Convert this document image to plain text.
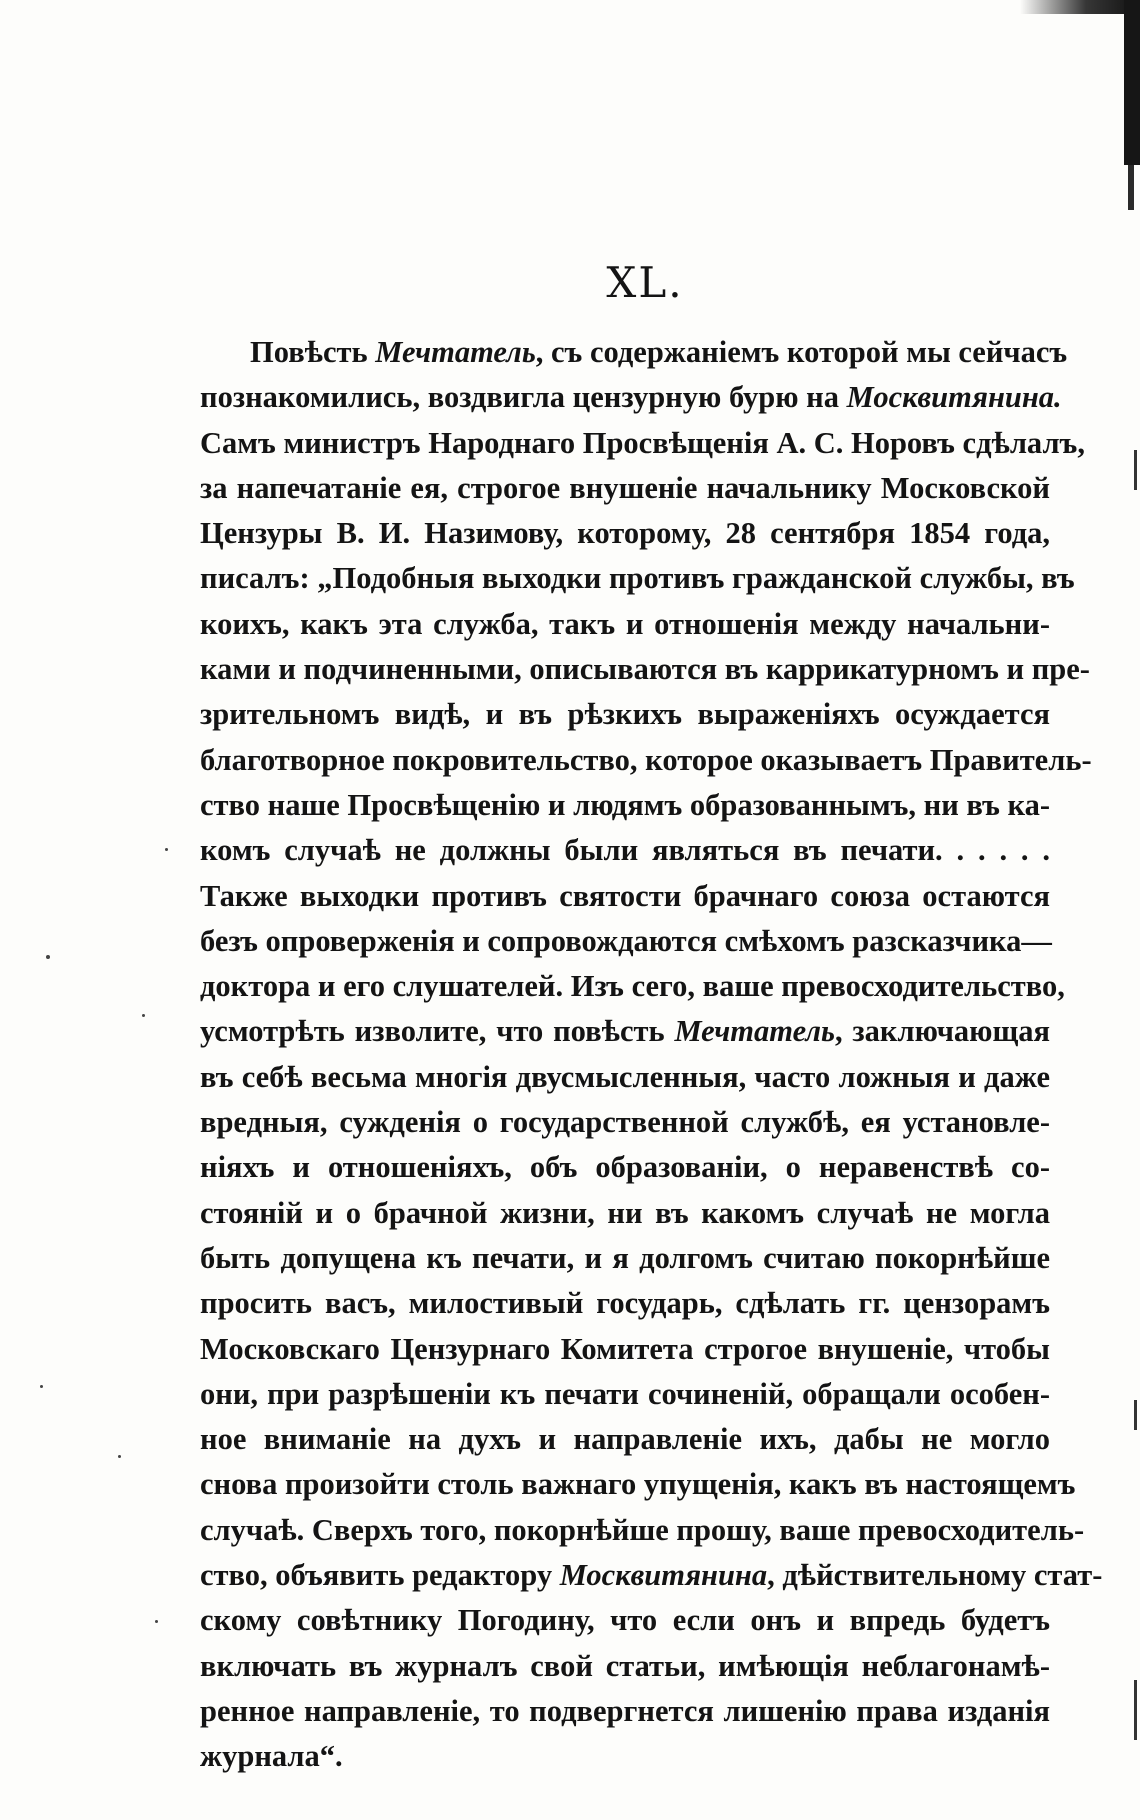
XL.
Повѣсть Мечтатель, съ содержаніемъ которой мы сейчасъ
познакомились, воздвигла цензурную бурю на Москвитянина.
Самъ министръ Народнаго Просвѣщенія А. С. Норовъ сдѣлалъ,
за напечатаніе ея, строгое внушеніе начальнику Московской
Цензуры В. И. Назимову, которому, 28 сентября 1854 года,
писалъ: „Подобныя выходки противъ гражданской службы, въ
коихъ, какъ эта служба, такъ и отношенія между начальни-
ками и подчиненными, описываются въ каррикатурномъ и пре-
зрительномъ видѣ, и въ рѣзкихъ выраженіяхъ осуждается
благотворное покровительство, которое оказываетъ Правитель-
ство наше Просвѣщенію и людямъ образованнымъ, ни въ ка-
комъ случаѣ не должны были являться въ печати. . . . . .
Также выходки противъ святости брачнаго союза остаются
безъ опроверженія и сопровождаются смѣхомъ разсказчика—
доктора и его слушателей. Изъ сего, ваше превосходительство,
усмотрѣть изволите, что повѣсть Мечтатель, заключающая
въ себѣ весьма многія двусмысленныя, часто ложныя и даже
вредныя, сужденія о государственной службѣ, ея установле-
ніяхъ и отношеніяхъ, объ образованіи, о неравенствѣ со-
стояній и о брачной жизни, ни въ какомъ случаѣ не могла
быть допущена къ печати, и я долгомъ считаю покорнѣйше
просить васъ, милостивый государь, сдѣлать гг. цензорамъ
Московскаго Цензурнаго Комитета строгое внушеніе, чтобы
они, при разрѣшеніи къ печати сочиненій, обращали особен-
ное вниманіе на духъ и направленіе ихъ, дабы не могло
снова произойти столь важнаго упущенія, какъ въ настоящемъ
случаѣ. Сверхъ того, покорнѣйше прошу, ваше превосходитель-
ство, объявить редактору Москвитянина, дѣйствительному стат-
скому совѣтнику Погодину, что если онъ и впредь будетъ
включать въ журналъ свой статьи, имѣющія неблагонамѣ-
ренное направленіе, то подвергнется лишенію права изданія
журнала“.
